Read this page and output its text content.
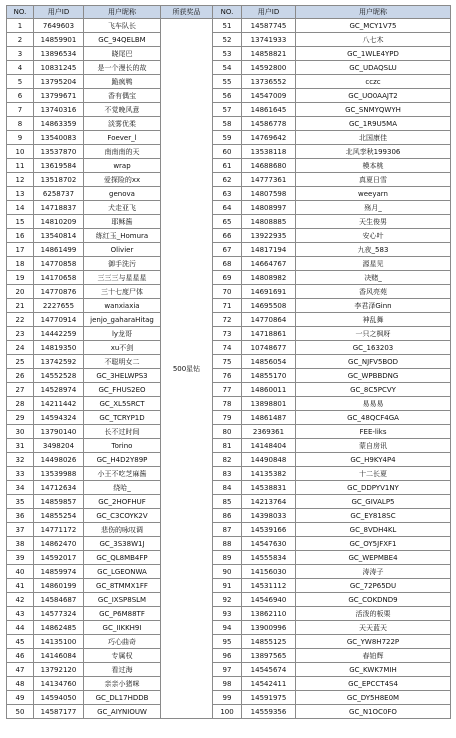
NO.	用户ID	用户昵称	所获奖品	NO.	用户ID	用户昵称
1	7649603	飞车队长	500星钻	51	14587745	GC_MCY1V75
2	14859901	GC_94QELBM		52	13741933	八七木
3	13896534	晓尾巴		53	14858821	GC_1WLE4YPD
4	10831245	是一个漫长的故		54	14592800	GC_UDAQSLU
5	13795204	跪疯鸭		55	13736552	cczc
6	13799671	香有偶宝		56	14547009	GC_UO0AAJT2
7	13740316	不觉晚风意		57	14861645	GC_SNMYQWYH
8	14863359	淡雾优柔		58	14586778	GC_1R9U5MA
9	13540083	Foever_l		59	14769642	北国康佳
10	13537870	南南南的天		60	13538118	北风孪秋199306
11	13619584	wrap		61	14688680	模本桃
12	13518702	爱探险的xx		62	14777361	真夏日雪
13	6258737	genova		63	14807598	weeyarn
14	14718837	犬走亚飞		64	14808997	殇月_
15	14810209	耶稣酱		65	14808885	天生俊男
16	13540814	练红玉_Homura		66	13922935	安心叶
17	14861499	Olivier		67	14817194	九夜_583
18	14770858	御手洗污		68	14664767	源星见
19	14170658	三三三与星星星		69	14808982	决赌_
20	14770876	三十七度尸体		70	14691691	香风亮苑
21	2227655	wanxiaxia		71	14695508	李君泽Ginn
22	14770914	jenjo_gaharaHitag		72	14770864	神乱舞
23	14442259	ly龙哥		73	14718861	一只之枫呀
24	14819350	xu不剑		74	10748677	GC_163203
25	13742592	不聪明女二		75	14856054	GC_NJFV5BOD
26	14552528	GC_3HELWPS3		76	14855170	GC_WPBBDNG
27	14528974	GC_FHUS2EO		77	14860011	GC_8C5PCVY
28	14211442	GC_XL5SRCT		78	13898801	易易易
29	14594324	GC_TCRYP1D		79	14861487	GC_48QCF4GA
30	13790140	长不过时间		80	2369361	FEE-liks
31	3498204	Torino		81	14148404	蒙自房讯
32	14498026	GC_H4D2Y89P		82	14490848	GC_H9KY4P4
33	13539988	小王不吃芝麻酱		83	14135382	十二长夏
34	14712634	绕哈_		84	14538831	GC_DDPYV1NY
35	14859857	GC_2HOFHUF		85	14213764	GC_GIVALP5
36	14855254	GC_C3COYK2V		86	14398033	GC_EY818SC
37	14771172	悲伤的咏叹调		87	14539166	GC_8VDH4KL
38	14862470	GC_3S38W1J		88	14547630	GC_OY5JFXF1
39	14592017	GC_QL8MB4FP		89	14555834	GC_WEPMBE4
40	14859974	GC_LGEONWA		90	14156030	涛涛子
41	14860199	GC_8TMMX1FF		91	14531112	GC_72P65DU
42	14584687	GC_IXSP8SLM		92	14546940	GC_COKDND9
43	14577324	GC_P6M88TF		93	13862110	活泼的板栗
44	14862485	GC_IIKKH9I		94	13900996	天天蓝天
45	14135100	巧心曲奇		95	14855125	GC_YW8H722P
46	14146084	专属权		96	13897565	春铂辉
47	13792120	看过海		97	14545674	GC_KWK7MIH
48	14134760	亲亲小猪咪		98	14542411	GC_EPCCT4S4
49	14594050	GC_DL17HDDB		99	14591975	GC_DY5H8E0M
50	14587177	GC_AIYNIOUW		100	14559356	GC_N1OC0FO
